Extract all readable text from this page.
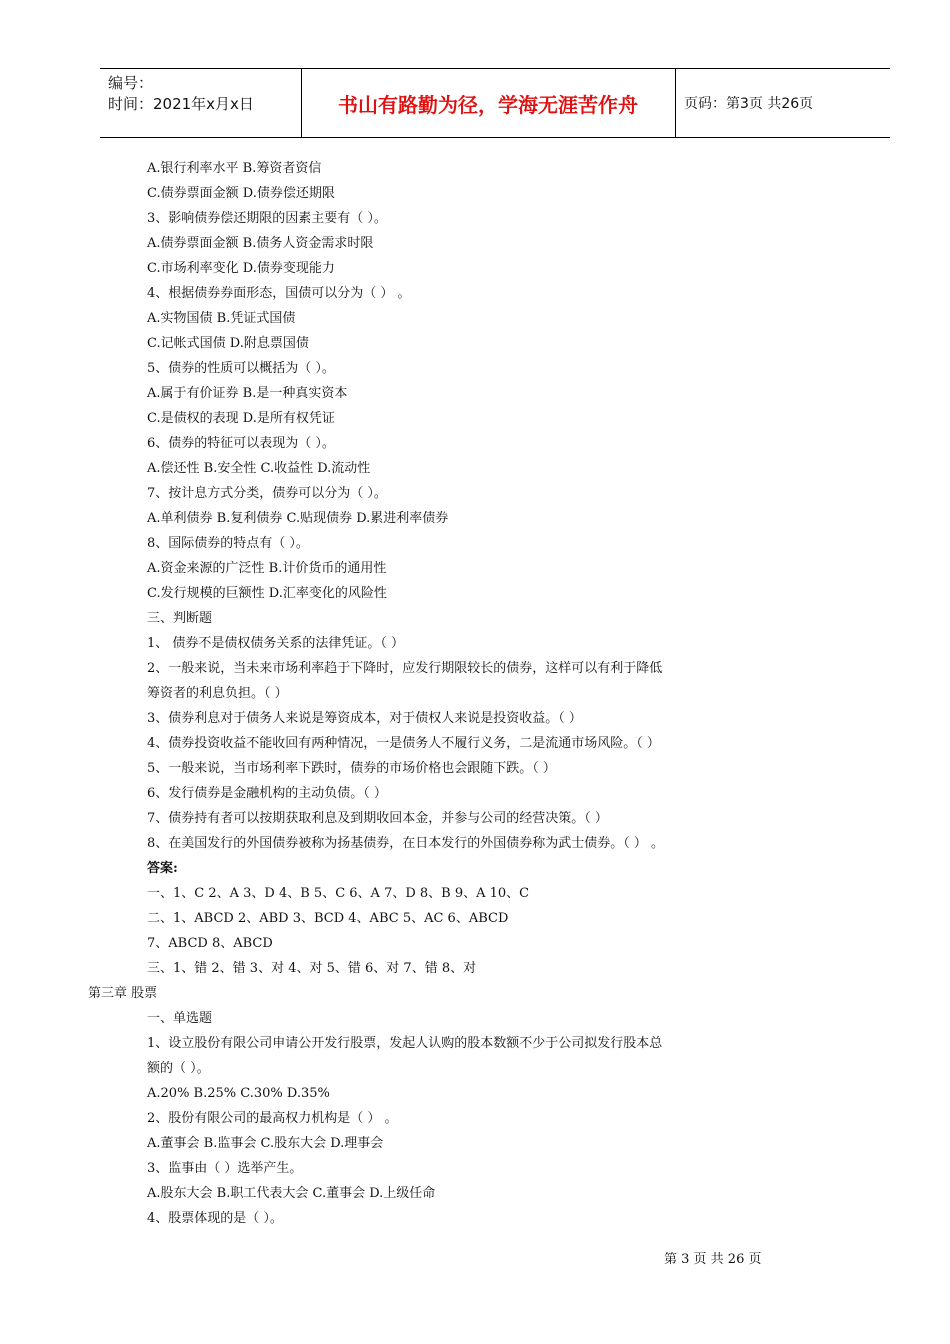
编号：
时间：2021年x月x日	书山有路勤为径，学海无涯苦作舟	页码：第3页 共26页
A.银行利率水平 B.筹资者资信
C.债券票面金额 D.债券偿还期限
3、影响债券偿还期限的因素主要有（ ）。
A.债券票面金额 B.债务人资金需求时限
C.市场利率变化 D.债券变现能力
4、根据债券券面形态，国债可以分为（ ） 。
A.实物国债 B.凭证式国债
C.记帐式国债 D.附息票国债
5、债券的性质可以概括为（ ）。
A.属于有价证券 B.是一种真实资本
C.是债权的表现 D.是所有权凭证
6、债券的特征可以表现为（ ）。
A.偿还性 B.安全性 C.收益性 D.流动性
7、按计息方式分类，债券可以分为（ ）。
A.单利债券 B.复利债券 C.贴现债券 D.累进利率债券
8、国际债券的特点有（ ）。
A.资金来源的广泛性 B.计价货币的通用性
C.发行规模的巨额性 D.汇率变化的风险性
三、判断题
1、 债券不是债权债务关系的法律凭证。（ ）
2、一般来说，当未来市场利率趋于下降时，应发行期限较长的债券，这样可以有利于降低
筹资者的利息负担。（ ）
3、债券利息对于债务人来说是筹资成本，对于债权人来说是投资收益。（ ）
4、债券投资收益不能收回有两种情况，一是债务人不履行义务，二是流通市场风险。（ ）
5、一般来说，当市场利率下跌时，债券的市场价格也会跟随下跌。（ ）
6、发行债券是金融机构的主动负债。（ ）
7、债券持有者可以按期获取利息及到期收回本金，并参与公司的经营决策。（ ）
8、在美国发行的外国债券被称为扬基债券，在日本发行的外国债券称为武士债券。（ ） 。
答案:
一、1、C 2、A 3、D 4、B 5、C 6、A 7、D 8、B 9、A 10、C
二、1、ABCD 2、ABD 3、BCD 4、ABC 5、AC 6、ABCD
7、ABCD 8、ABCD
三、1、错 2、错 3、对 4、对 5、错 6、对 7、错 8、对
第三章 股票
一、单选题
1、设立股份有限公司申请公开发行股票，发起人认购的股本数额不少于公司拟发行股本总
额的（ ）。
A.20% B.25% C.30% D.35%
2、股份有限公司的最高权力机构是（ ） 。
A.董事会 B.监事会 C.股东大会 D.理事会
3、监事由（ ）选举产生。
A.股东大会 B.职工代表大会 C.董事会 D.上级任命
4、股票体现的是（ ）。
第 3 页 共 26 页
